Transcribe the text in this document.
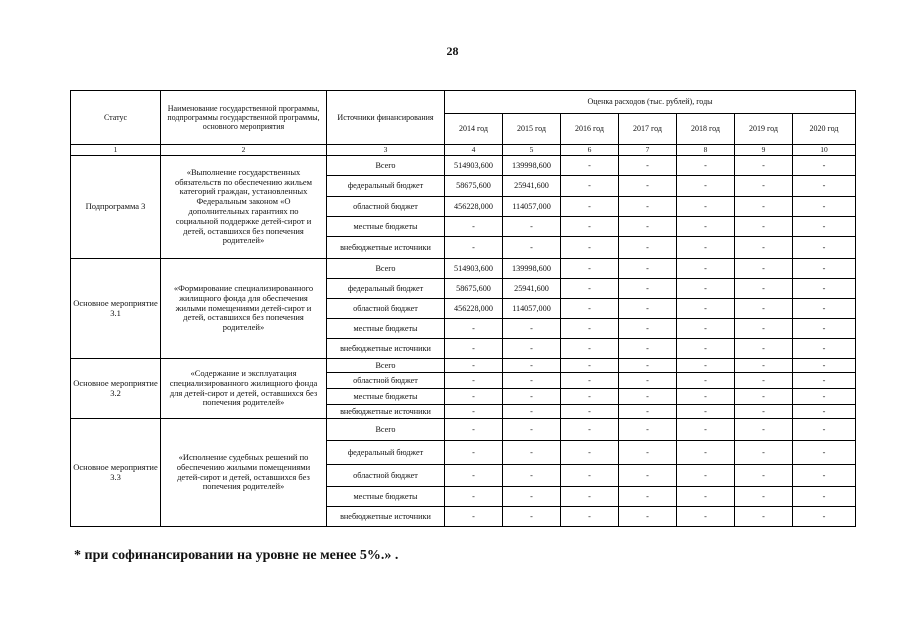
28
Статус	Наименование государственной программы, подпрограммы государственной программы, основного мероприятия	Источники финансирования	Оценка расходов (тыс. рублей), годы						
			2014 год	2015 год	2016 год	2017 год	2018 год	2019 год	2020 год
1	2	3	4	5	6	7	8	9	10
Подпрограмма 3	«Выполнение государственных обязательств по обеспечению жильем категорий граждан, установленных Федеральным законом «О дополнительных гарантиях по социальной поддержке детей-сирот и детей, оставшихся без попечения родителей»	Всего	514903,600	139998,600	-	-	-	-	-
		федеральный бюджет	58675,600	25941,600	-	-	-	-	-
		областной бюджет	456228,000	114057,000	-	-	-	-	-
		местные бюджеты	-	-	-	-	-	-	-
		внебюджетные источники	-	-	-	-	-	-	-
Основное мероприятие 3.1	«Формирование специализированного жилищного фонда для обеспечения жилыми помещениями детей-сирот и детей, оставшихся без попечения родителей»	Всего	514903,600	139998,600	-	-	-	-	-
		федеральный бюджет	58675,600	25941,600	-	-	-	-	-
		областной бюджет	456228,000	114057,000	-	-	-	-	-
		местные бюджеты	-	-	-	-	-	-	-
		внебюджетные источники	-	-	-	-	-	-	-
Основное мероприятие 3.2	«Содержание и эксплуатация специализированного жилищного фонда для детей-сирот и детей, оставшихся без попечения родителей»	Всего	-	-	-	-	-	-	-
		областной бюджет	-	-	-	-	-	-	-
		местные бюджеты	-	-	-	-	-	-	-
		внебюджетные источники	-	-	-	-	-	-	-
Основное мероприятие 3.3	«Исполнение судебных решений по обеспечению жилыми помещениями детей-сирот и детей, оставшихся без попечения родителей»	Всего	-	-	-	-	-	-	-
		федеральный бюджет	-	-	-	-	-	-	-
		областной бюджет	-	-	-	-	-	-	-
		местные бюджеты	-	-	-	-	-	-	-
		внебюджетные источники	-	-	-	-	-	-	-
* при софинансировании на уровне не менее 5%.» .
